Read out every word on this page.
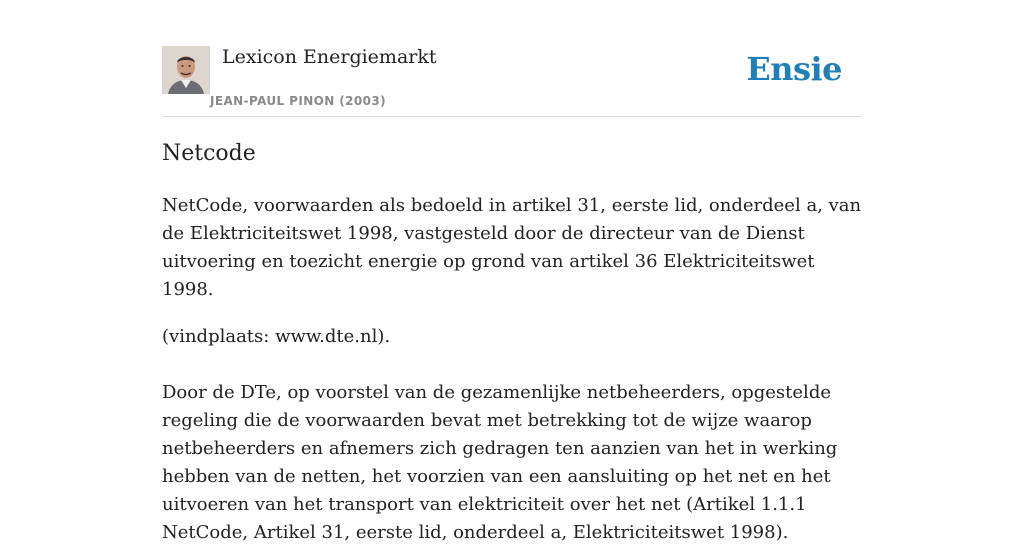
Lexicon Energiemarkt
JEAN-PAUL PINON (2003)
Ensie
Netcode

NetCode, voorwaarden als bedoeld in artikel 31, eerste lid, onderdeel a, van de Elektriciteitswet 1998, vastgesteld door de directeur van de Dienst uitvoering en toezicht energie op grond van artikel 36 Elektriciteitswet 1998.

(vindplaats: www.dte.nl).

Door de DTe, op voorstel van de gezamenlijke netbeheerders, opgestelde regeling die de voorwaarden bevat met betrekking tot de wijze waarop netbeheerders en afnemers zich gedragen ten aanzien van het in werking hebben van de netten, het voorzien van een aansluiting op het net en het uitvoeren van het transport van elektriciteit over het net (Artikel 1.1.1 NetCode, Artikel 31, eerste lid, onderdeel a, Elektriciteitswet 1998).
